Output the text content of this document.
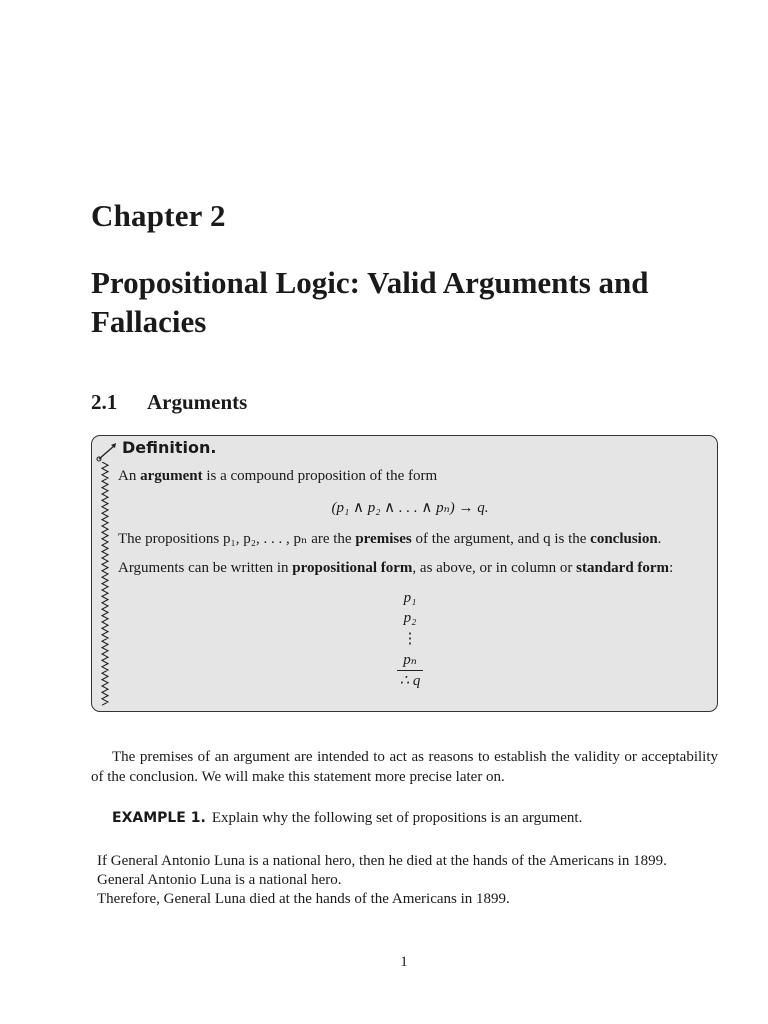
Chapter 2
Propositional Logic: Valid Arguments and Fallacies
2.1 Arguments
Definition.

An argument is a compound proposition of the form

(p₁ ∧ p₂ ∧ . . . ∧ pₙ) → q.

The propositions p₁, p₂, . . . , pₙ are the premises of the argument, and q is the conclusion.

Arguments can be written in propositional form, as above, or in column or standard form:

p₁
p₂
⋮
pₙ
∴ q
The premises of an argument are intended to act as reasons to establish the validity or acceptability of the conclusion. We will make this statement more precise later on.
EXAMPLE 1. Explain why the following set of propositions is an argument.
If General Antonio Luna is a national hero, then he died at the hands of the Americans in 1899.
General Antonio Luna is a national hero.
Therefore, General Luna died at the hands of the Americans in 1899.
1
